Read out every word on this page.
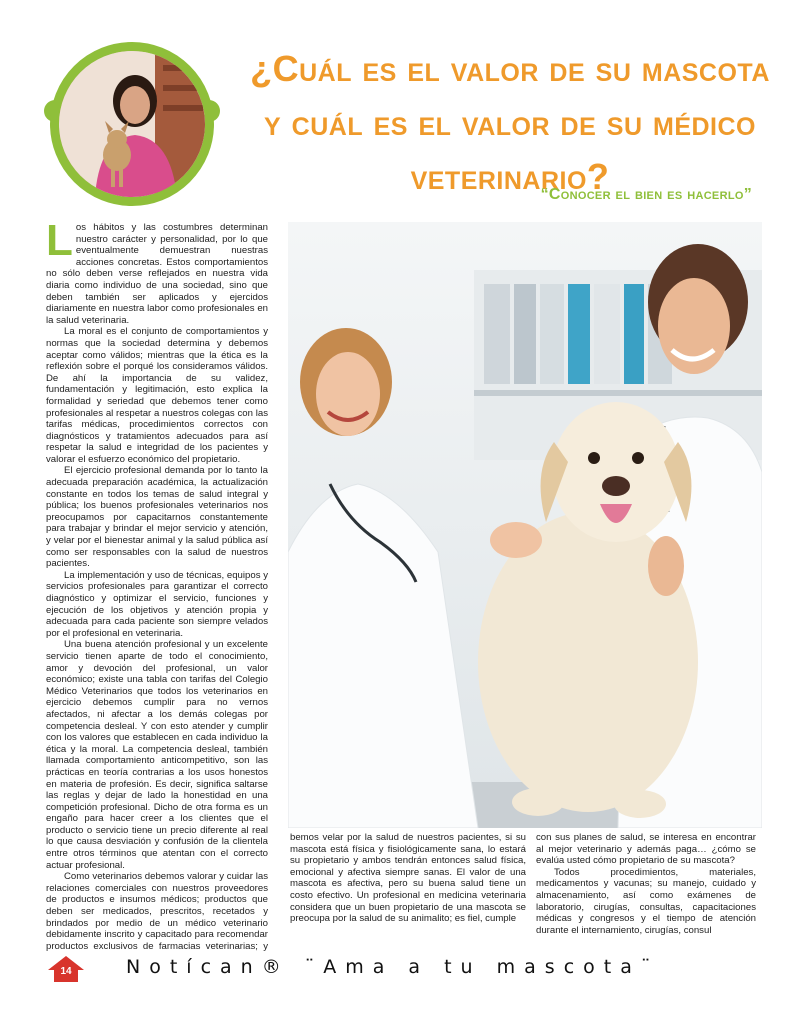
¿Cuál es el valor de su mascota y cuál es el valor de su médico veterinario?
“Conocer el bien es hacerlo”

Los hábitos y las costumbres determinan nuestro carácter y personalidad, por lo que eventualmente demuestran nuestras acciones concretas. Estos comportamientos no sólo deben verse reflejados en nuestra vida diaria como individuo de una sociedad, sino que deben también ser aplicados y ejercidos diariamente en nuestra labor como profesionales en la salud veterinaria.

La moral es el conjunto de comportamientos y normas que la sociedad determina y debemos aceptar como válidos; mientras que la ética es la reflexión sobre el porqué los consideramos válidos. De ahí la importancia de su validez, fundamentación y legitimación, esto explica la formalidad y seriedad que debemos tener como profesionales al respetar a nuestros colegas con las tarifas médicas, procedimientos correctos con diagnósticos y tratamientos adecuados para así respetar la salud e integridad de los pacientes y valorar el esfuerzo económico del propietario.

El ejercicio profesional demanda por lo tanto la adecuada preparación académica, la actualización constante en todos los temas de salud integral y pública; los buenos profesionales veterinarios nos preocupamos por capacitarnos constantemente para trabajar y brindar el mejor servicio y atención, y velar por el bienestar animal y la salud pública así como ser responsables con la salud de nuestros pacientes.

La implementación y uso de técnicas, equipos y servicios profesionales para garantizar el correcto diagnóstico y optimizar el servicio, funciones y ejecución de los objetivos y atención propia y adecuada para cada paciente son siempre velados por el profesional en veterinaria.

Una buena atención profesional y un excelente servicio tienen aparte de todo el conocimiento, amor y devoción del profesional, un valor económico; existe una tabla con tarifas del Colegio Médico Veterinarios que todos los veterinarios en ejercicio debemos cumplir para no vernos afectados, ni afectar a los demás colegas por competencia desleal. Y con esto atender y cumplir con los valores que establecen en cada individuo la ética y la moral. La competencia desleal, también llamada comportamiento anticompetitivo, son las prácticas en teoría contrarias a los usos honestos en materia de profesión. Es decir, significa saltarse las reglas y dejar de lado la honestidad en una competición profesional. Dicho de otra forma es un engaño para hacer creer a los clientes que el producto o servicio tiene un precio diferente al real lo que causa desviación y confusión de la clientela entre otros términos que atentan con el correcto actuar profesional.

Como veterinarios debemos valorar y cuidar las relaciones comerciales con nuestros proveedores de productos e insumos médicos; productos que deben ser medicados, prescritos, recetados y brindados por medio de un médico veterinario debidamente inscrito y capacitado para recomendar productos exclusivos de farmacias veterinarias; y

bemos velar por la salud de nuestros pacientes, si su mascota está física y fisiológicamente sana, lo estará su propietario y ambos tendrán entonces salud física, emocional y afectiva siempre sanas. El valor de una mascota es afectiva, pero su buena salud tiene un costo efectivo. Un profesional en medicina veterinaria considera que un buen propietario de una mascota se preocupa por la salud de su animalito; es fiel, cumple

con sus planes de salud, se interesa en encontrar al mejor veterinario y además paga… ¿cómo se evalúa usted cómo propietario de su mascota?

Todos procedimientos, materiales, medicamentos y vacunas; su manejo, cuidado y almacenamiento, así como exámenes de laboratorio, cirugías, consultas, capacitaciones médicas y congresos y el tiempo de atención durante el internamiento, cirugías, consul

14	Notícan® ¨Ama a tu mascota¨
